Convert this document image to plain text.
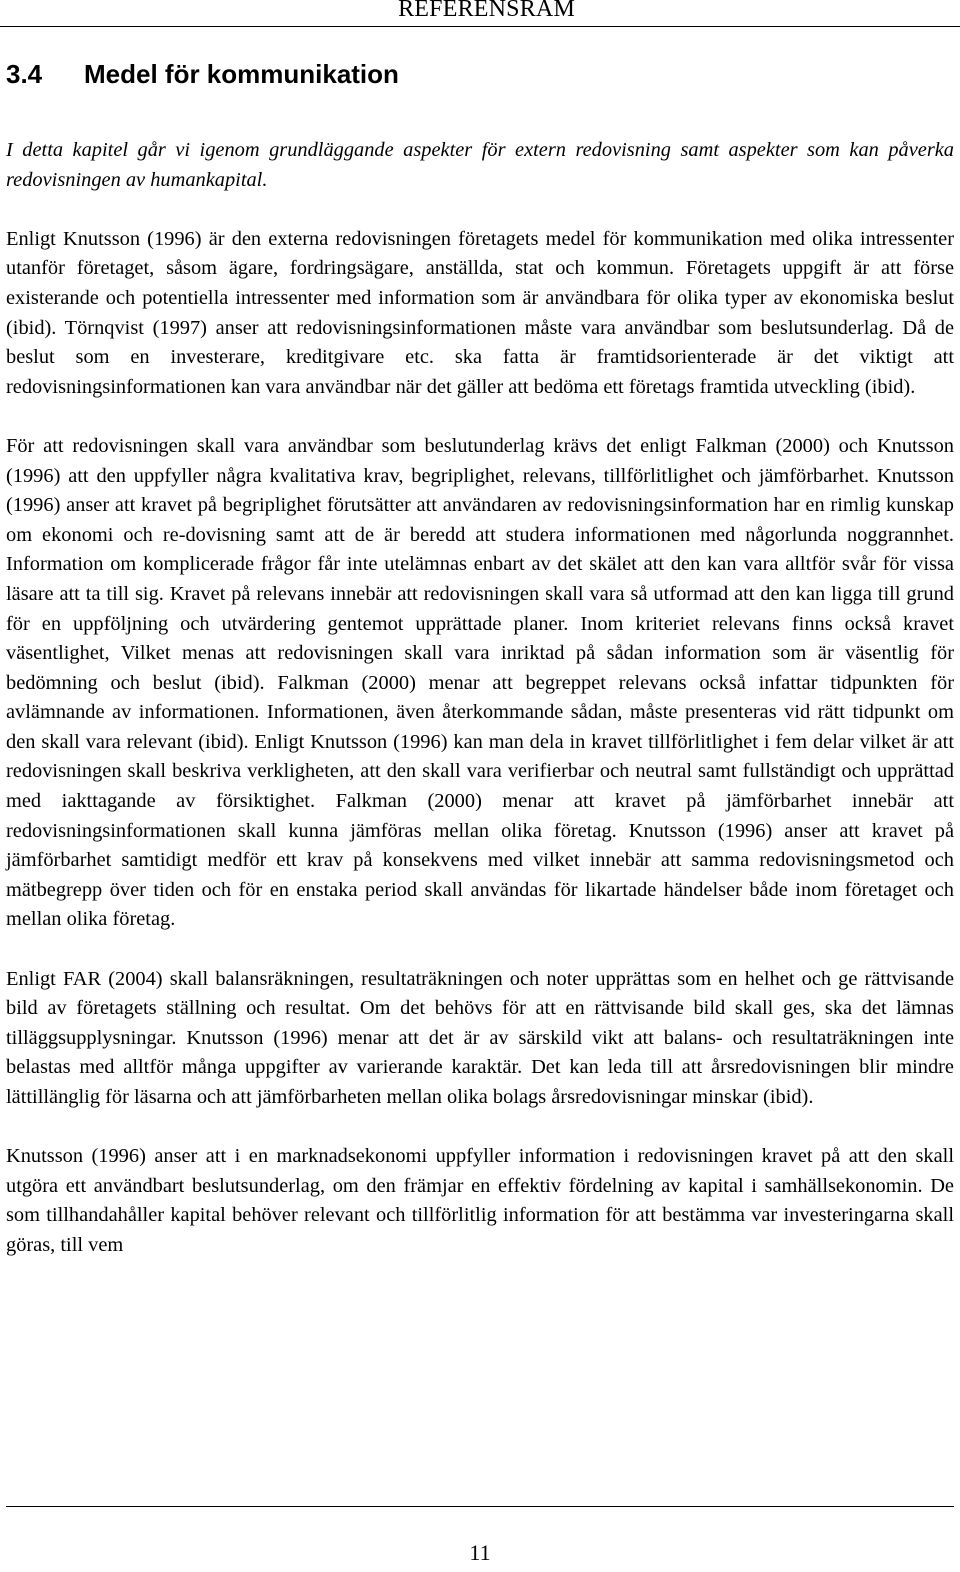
REFERENSRAM
3.4 Medel för kommunikation

I detta kapitel går vi igenom grundläggande aspekter för extern redovisning samt aspekter som kan påverka redovisningen av humankapital.

Enligt Knutsson (1996) är den externa redovisningen företagets medel för kommunikation med olika intressenter utanför företaget, såsom ägare, fordringsägare, anställda, stat och kommun. Företagets uppgift är att förse existerande och potentiella intressenter med information som är användbara för olika typer av ekonomiska beslut (ibid). Törnqvist (1997) anser att redovisningsinformationen måste vara användbar som beslutsunderlag. Då de beslut som en investerare, kreditgivare etc. ska fatta är framtidsorienterade är det viktigt att redovisningsinformationen kan vara användbar när det gäller att bedöma ett företags framtida utveckling (ibid).

För att redovisningen skall vara användbar som beslutunderlag krävs det enligt Falkman (2000) och Knutsson (1996) att den uppfyller några kvalitativa krav, begriplighet, relevans, tillförlitlighet och jämförbarhet. Knutsson (1996) anser att kravet på begriplighet förutsätter att användaren av redovisningsinformation har en rimlig kunskap om ekonomi och re-dovisning samt att de är beredd att studera informationen med någorlunda noggrannhet. Information om komplicerade frågor får inte utelämnas enbart av det skälet att den kan vara alltför svår för vissa läsare att ta till sig. Kravet på relevans innebär att redovisningen skall vara så utformad att den kan ligga till grund för en uppföljning och utvärdering gentemot upprättade planer. Inom kriteriet relevans finns också kravet väsentlighet, Vilket menas att redovisningen skall vara inriktad på sådan information som är väsentlig för bedömning och beslut (ibid). Falkman (2000) menar att begreppet relevans också infattar tidpunkten för avlämnande av informationen. Informationen, även återkommande sådan, måste presenteras vid rätt tidpunkt om den skall vara relevant (ibid). Enligt Knutsson (1996) kan man dela in kravet tillförlitlighet i fem delar vilket är att redovisningen skall beskriva verkligheten, att den skall vara verifierbar och neutral samt fullständigt och upprättad med iakttagande av försiktighet. Falkman (2000) menar att kravet på jämförbarhet innebär att redovisningsinformationen skall kunna jämföras mellan olika företag. Knutsson (1996) anser att kravet på jämförbarhet samtidigt medför ett krav på konsekvens med vilket innebär att samma redovisningsmetod och mätbegrepp över tiden och för en enstaka period skall användas för likartade händelser både inom företaget och mellan olika företag.

Enligt FAR (2004) skall balansräkningen, resultaträkningen och noter upprättas som en helhet och ge rättvisande bild av företagets ställning och resultat. Om det behövs för att en rättvisande bild skall ges, ska det lämnas tilläggsupplysningar. Knutsson (1996) menar att det är av särskild vikt att balans- och resultaträkningen inte belastas med alltför många uppgifter av varierande karaktär. Det kan leda till att årsredovisningen blir mindre lättillänglig för läsarna och att jämförbarheten mellan olika bolags årsredovisningar minskar (ibid).

Knutsson (1996) anser att i en marknadsekonomi uppfyller information i redovisningen kravet på att den skall utgöra ett användbart beslutsunderlag, om den främjar en effektiv fördelning av kapital i samhällsekonomin. De som tillhandahåller kapital behöver relevant och tillförlitlig information för att bestämma var investeringarna skall göras, till vem

11
